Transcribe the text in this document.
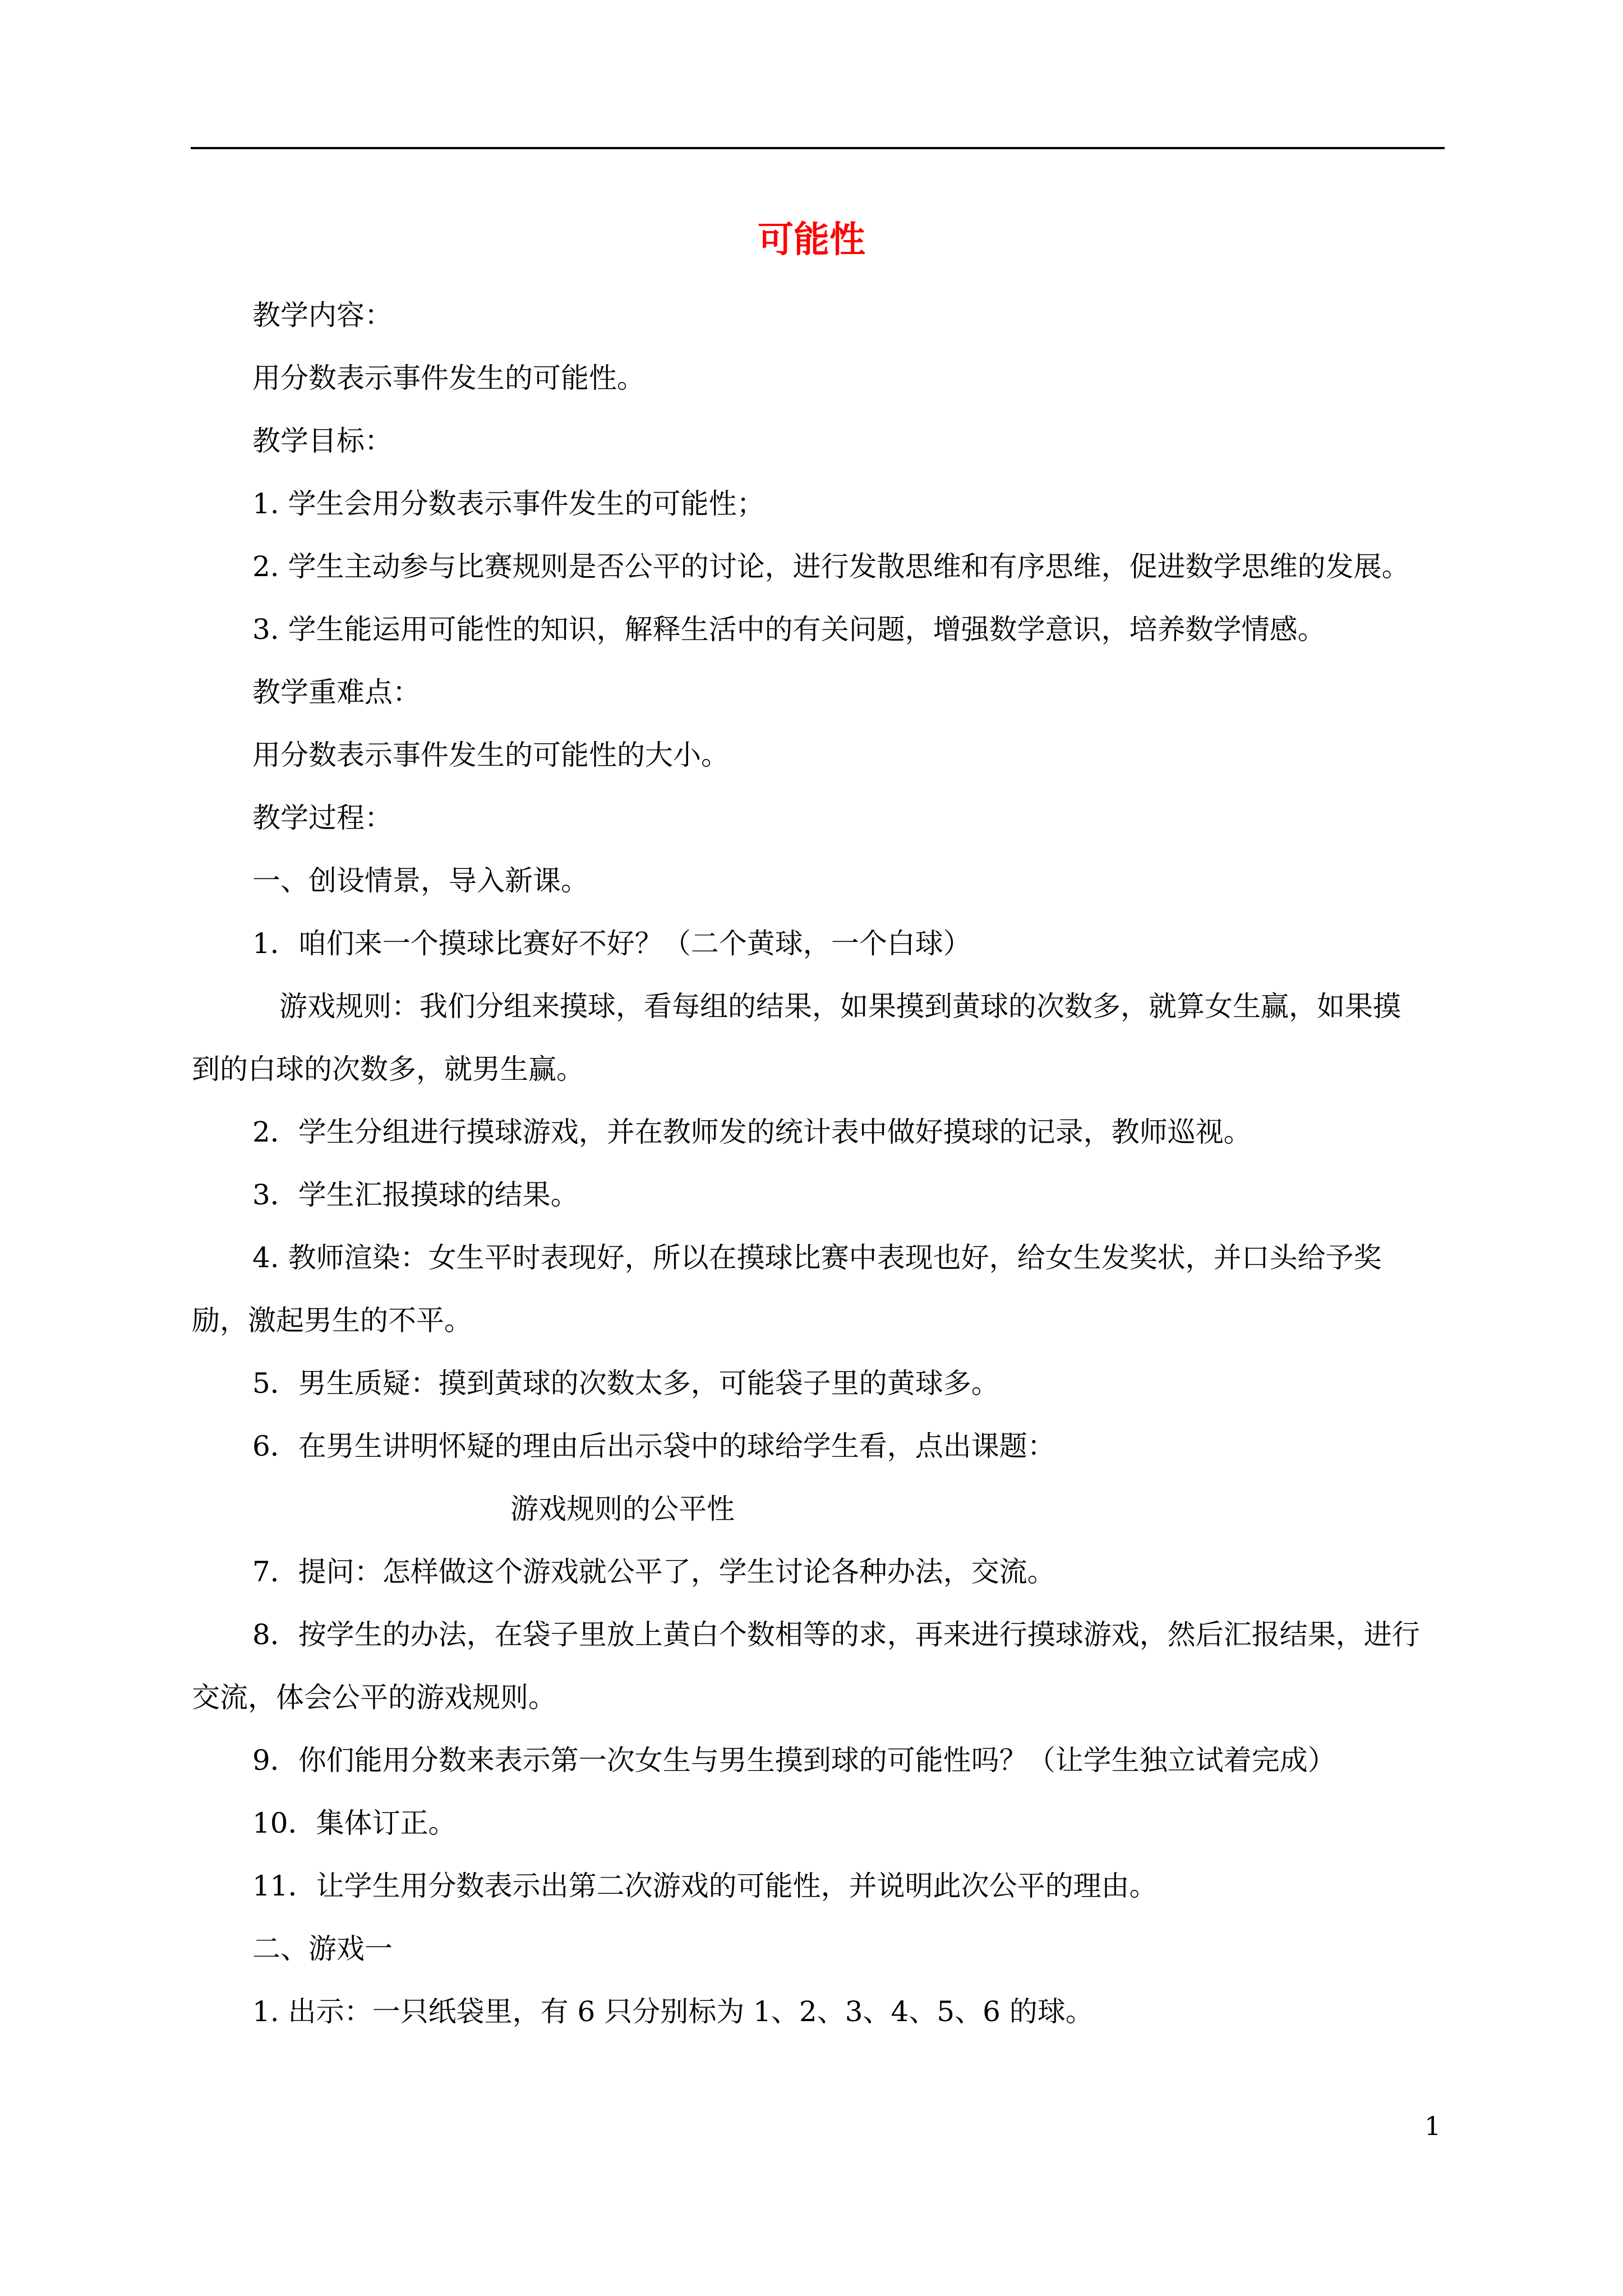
可能性
教学内容：
用分数表示事件发生的可能性。
教学目标：
1. 学生会用分数表示事件发生的可能性；
2. 学生主动参与比赛规则是否公平的讨论，进行发散思维和有序思维，促进数学思维的发展。
3. 学生能运用可能性的知识，解释生活中的有关问题，增强数学意识，培养数学情感。
教学重难点：
用分数表示事件发生的可能性的大小。
教学过程：
一、创设情景，导入新课。
1．咱们来一个摸球比赛好不好？（二个黄球，一个白球）
游戏规则：我们分组来摸球，看每组的结果，如果摸到黄球的次数多，就算女生赢，如果摸
到的白球的次数多，就男生赢。
2．学生分组进行摸球游戏，并在教师发的统计表中做好摸球的记录，教师巡视。
3．学生汇报摸球的结果。
4. 教师渲染：女生平时表现好，所以在摸球比赛中表现也好，给女生发奖状，并口头给予奖
励，激起男生的不平。
5．男生质疑：摸到黄球的次数太多，可能袋子里的黄球多。
6．在男生讲明怀疑的理由后出示袋中的球给学生看，点出课题：
游戏规则的公平性
7．提问：怎样做这个游戏就公平了，学生讨论各种办法，交流。
8．按学生的办法，在袋子里放上黄白个数相等的求，再来进行摸球游戏，然后汇报结果，进行
交流，体会公平的游戏规则。
9．你们能用分数来表示第一次女生与男生摸到球的可能性吗？（让学生独立试着完成）
10．集体订正。
11．让学生用分数表示出第二次游戏的可能性，并说明此次公平的理由。
二、游戏一
1. 出示：一只纸袋里，有 6 只分别标为 1、2、3、4、5、6 的球。
1
